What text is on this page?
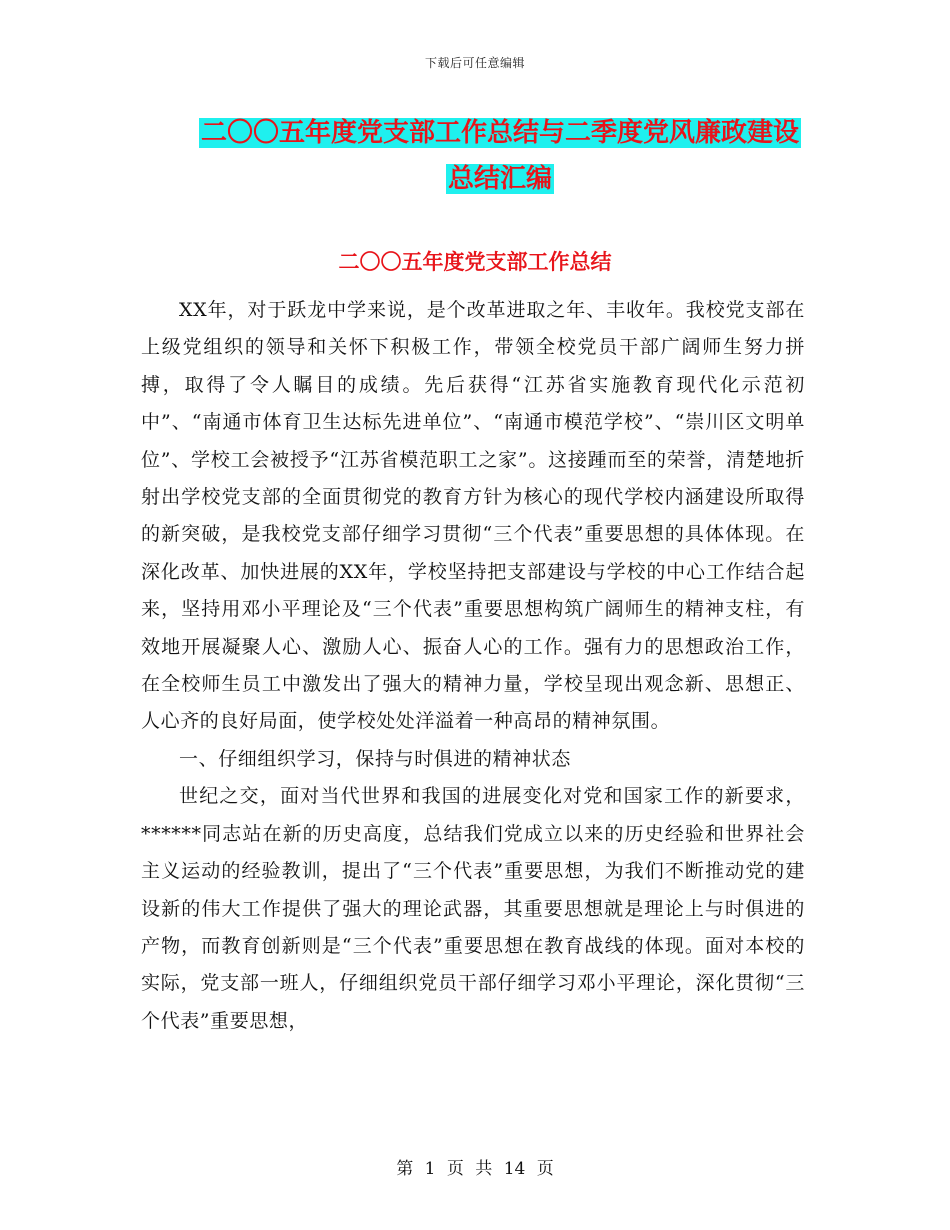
下载后可任意编辑
二〇〇五年度党支部工作总结与二季度党风廉政建设
总结汇编
二〇〇五年度党支部工作总结

XX年，对于跃龙中学来说，是个改革进取之年、丰收年。我校党支部在上级党组织的领导和关怀下积极工作，带领全校党员干部广阔师生努力拼搏，取得了令人瞩目的成绩。先后获得“江苏省实施教育现代化示范初中”、“南通市体育卫生达标先进单位”、“南通市模范学校”、“崇川区文明单位”、学校工会被授予“江苏省模范职工之家”。这接踵而至的荣誉，清楚地折射出学校党支部的全面贯彻党的教育方针为核心的现代学校内涵建设所取得的新突破，是我校党支部仔细学习贯彻“三个代表”重要思想的具体体现。在深化改革、加快进展的XX年，学校坚持把支部建设与学校的中心工作结合起来，坚持用邓小平理论及“三个代表”重要思想构筑广阔师生的精神支柱，有效地开展凝聚人心、激励人心、振奋人心的工作。强有力的思想政治工作，在全校师生员工中激发出了强大的精神力量，学校呈现出观念新、思想正、人心齐的良好局面，使学校处处洋溢着一种高昂的精神氛围。

一、仔细组织学习，保持与时俱进的精神状态

世纪之交，面对当代世界和我国的进展变化对党和国家工作的新要求，******同志站在新的历史高度，总结我们党成立以来的历史经验和世界社会主义运动的经验教训，提出了“三个代表”重要思想，为我们不断推动党的建设新的伟大工作提供了强大的理论武器，其重要思想就是理论上与时俱进的产物，而教育创新则是“三个代表”重要思想在教育战线的体现。面对本校的实际，党支部一班人，仔细组织党员干部仔细学习邓小平理论，深化贯彻“三个代表”重要思想，

第 1 页 共 14 页
